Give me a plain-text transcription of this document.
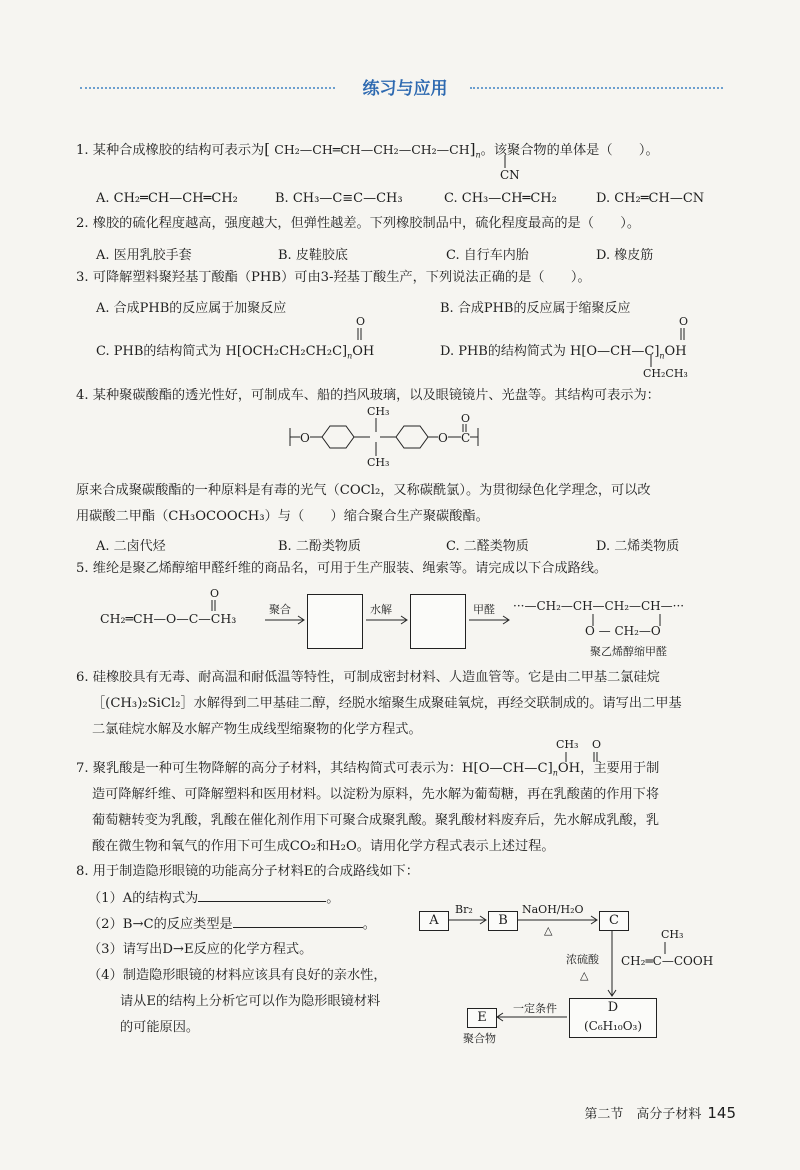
练习与应用
1. 某种合成橡胶的结构可表示为[ $CH_2—CH═CH—CH_2—CH_2—CH]_n$。该聚合物的单体是（　　）。
CN
A. CH₂═CH—CH═CH₂	B. CH₃—C≡C—CH₃	C. CH₃—CH═CH₂	D. CH₂═CH—CN
2. 橡胶的硫化程度越高，强度越大，但弹性越差。下列橡胶制品中，硫化程度最高的是（　　）。
A. 医用乳胶手套	B. 皮鞋胶底	C. 自行车内胎	D. 橡皮筋
3. 可降解塑料聚羟基丁酸酯（PHB）可由3-羟基丁酸生产，下列说法正确的是（　　）。
A. 合成PHB的反应属于加聚反应	B. 合成PHB的反应属于缩聚反应
O
C. PHB的结构简式为 $H[OCH_2CH_2CH_2C]_nOH$
O
D. PHB的结构简式为 $H[O—CH—C]_nOH$
CH₂CH₃
4. 某种聚碳酸酯的透光性好，可制成车、船的挡风玻璃，以及眼镜镜片、光盘等。其结构可表示为：
CH₃
O
CH₃
O	O C
原来合成聚碳酸酯的一种原料是有毒的光气（COCl₂，又称碳酰氯）。为贯彻绿色化学理念，可以改
用碳酸二甲酯（CH₃OCOOCH₃）与（　　）缩合聚合生产聚碳酸酯。
A. 二卤代烃	B. 二酚类物质	C. 二醛类物质	D. 二烯类物质
5. 维纶是聚乙烯醇缩甲醛纤维的商品名，可用于生产服装、绳索等。请完成以下合成路线。
O
CH₂═CH—O—C—CH₃
聚合	水解	甲醛 ···—CH₂—CH—CH₂—CH—···
O — CH₂—O
聚乙烯醇缩甲醛
6. 硅橡胶具有无毒、耐高温和耐低温等特性，可制成密封材料、人造血管等。它是由二甲基二氯硅烷
［(CH₃)₂SiCl₂］水解得到二甲基硅二醇，经脱水缩聚生成聚硅氧烷，再经交联制成的。请写出二甲基
二氯硅烷水解及水解产物生成线型缩聚物的化学方程式。
CH₃ O
7. 聚乳酸是一种可生物降解的高分子材料，其结构简式可表示为：$H[O—CH—C]_nOH$，主要用于制
造可降解纤维、可降解塑料和医用材料。以淀粉为原料，先水解为葡萄糖，再在乳酸菌的作用下将
葡萄糖转变为乳酸，乳酸在催化剂作用下可聚合成聚乳酸。聚乳酸材料废弃后，先水解成乳酸，乳
酸在微生物和氧气的作用下可生成CO₂和H₂O。请用化学方程式表示上述过程。
8. 用于制造隐形眼镜的功能高分子材料E的合成路线如下：
（1）A的结构式为	。
（2）B→C的反应类型是	。
（3）请写出D→E反应的化学方程式。
（4）制造隐形眼镜的材料应该具有良好的亲水性，
请从E的结构上分析它可以作为隐形眼镜材料
的可能原因。
A
Br₂
B
NaOH/H₂O
△
C
浓硫酸
△
CH₃
CH₂═C—COOH
D
(C₆H₁₀O₃)
一定条件
E
聚合物
第二节　高分子材料 145
